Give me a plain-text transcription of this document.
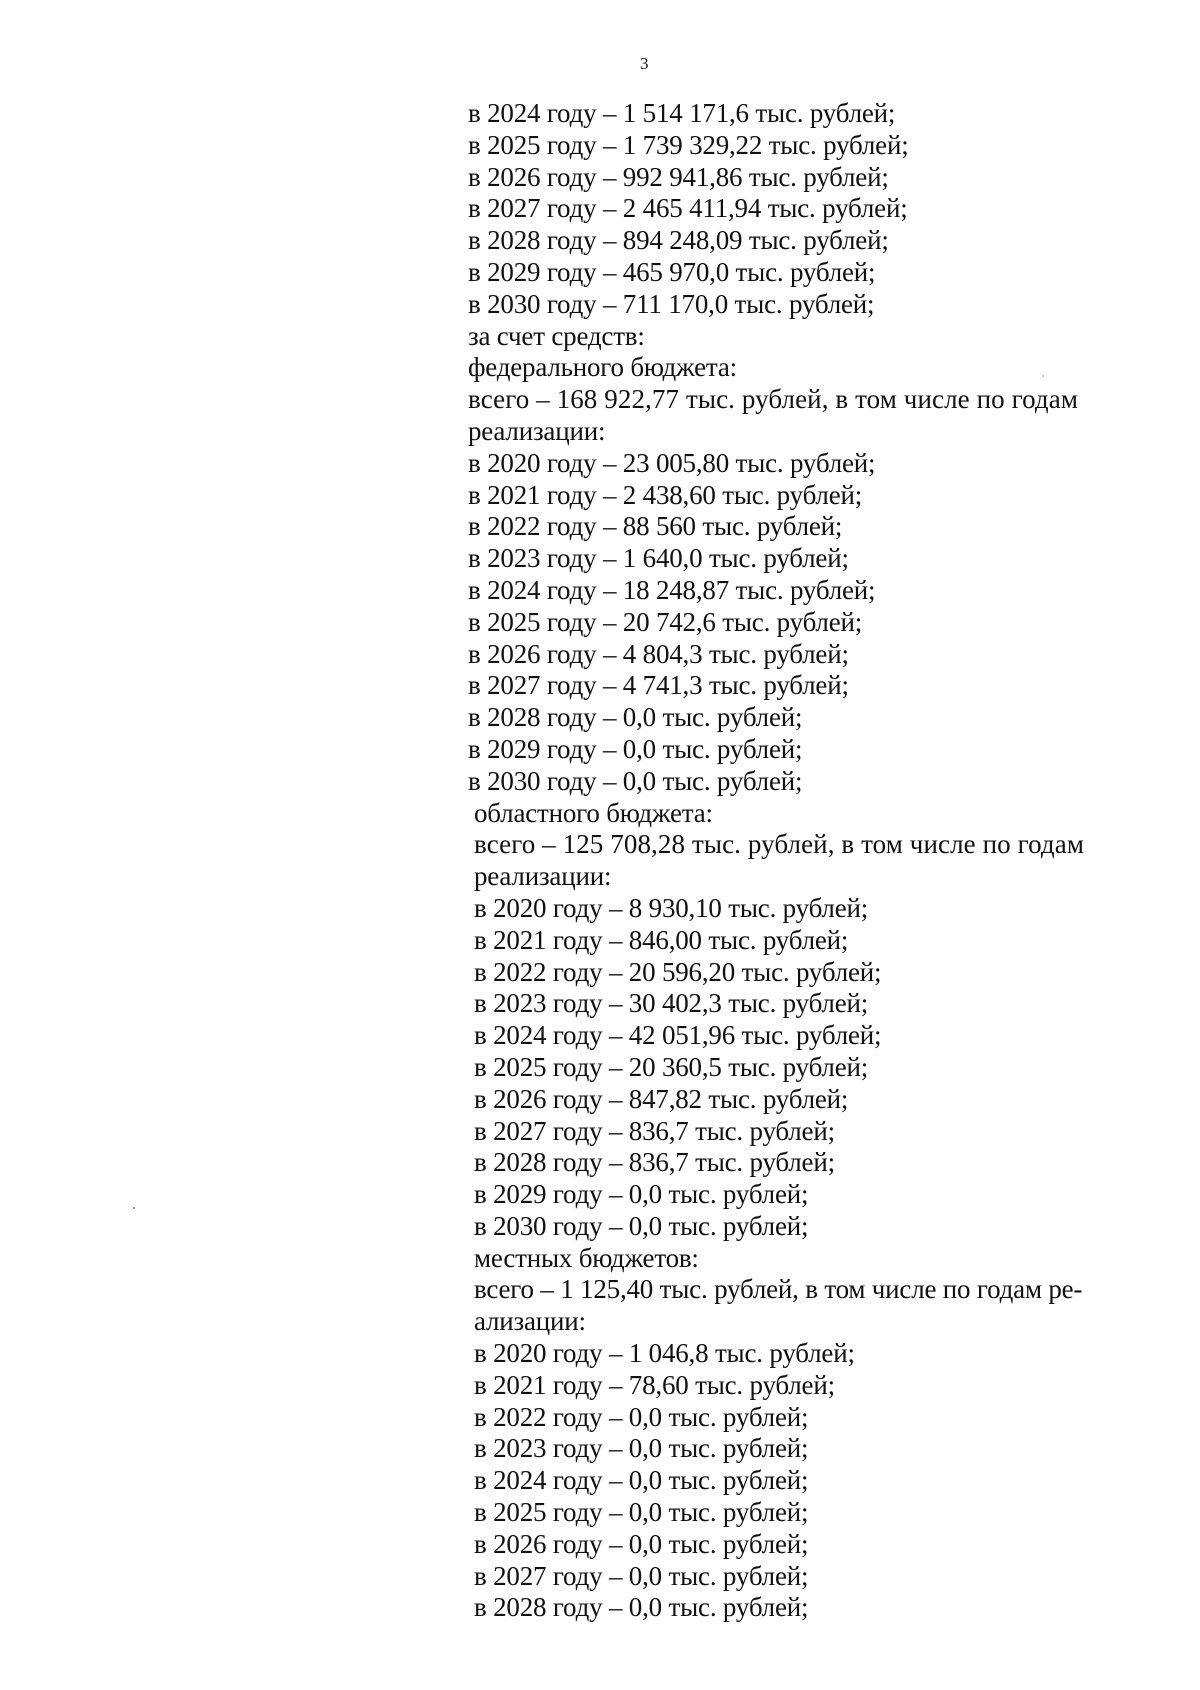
3
в 2024 году – 1 514 171,6 тыс. рублей;
в 2025 году – 1 739 329,22 тыс. рублей;
в 2026 году – 992 941,86 тыс. рублей;
в 2027 году – 2 465 411,94 тыс. рублей;
в 2028 году – 894 248,09 тыс. рублей;
в 2029 году – 465 970,0 тыс. рублей;
в 2030 году – 711 170,0 тыс. рублей;
за счет средств:
федерального бюджета:
всего – 168 922,77 тыс. рублей, в том числе по годам
реализации:
в 2020 году – 23 005,80 тыс. рублей;
в 2021 году – 2 438,60 тыс. рублей;
в 2022 году – 88 560 тыс. рублей;
в 2023 году – 1 640,0 тыс. рублей;
в 2024 году – 18 248,87 тыс. рублей;
в 2025 году – 20 742,6 тыс. рублей;
в 2026 году – 4 804,3 тыс. рублей;
в 2027 году – 4 741,3 тыс. рублей;
в 2028 году – 0,0 тыс. рублей;
в 2029 году – 0,0 тыс. рублей;
в 2030 году – 0,0 тыс. рублей;
областного бюджета:
всего – 125 708,28 тыс. рублей, в том числе по годам
реализации:
в 2020 году – 8 930,10 тыс. рублей;
в 2021 году – 846,00 тыс. рублей;
в 2022 году – 20 596,20 тыс. рублей;
в 2023 году – 30 402,3 тыс. рублей;
в 2024 году – 42 051,96 тыс. рублей;
в 2025 году – 20 360,5 тыс. рублей;
в 2026 году – 847,82 тыс. рублей;
в 2027 году – 836,7 тыс. рублей;
в 2028 году – 836,7 тыс. рублей;
в 2029 году – 0,0 тыс. рублей;
в 2030 году – 0,0 тыс. рублей;
местных бюджетов:
всего – 1 125,40 тыс. рублей, в том числе по годам ре-
ализации:
в 2020 году – 1 046,8 тыс. рублей;
в 2021 году – 78,60 тыс. рублей;
в 2022 году – 0,0 тыс. рублей;
в 2023 году – 0,0 тыс. рублей;
в 2024 году – 0,0 тыс. рублей;
в 2025 году – 0,0 тыс. рублей;
в 2026 году – 0,0 тыс. рублей;
в 2027 году – 0,0 тыс. рублей;
в 2028 году – 0,0 тыс. рублей;
